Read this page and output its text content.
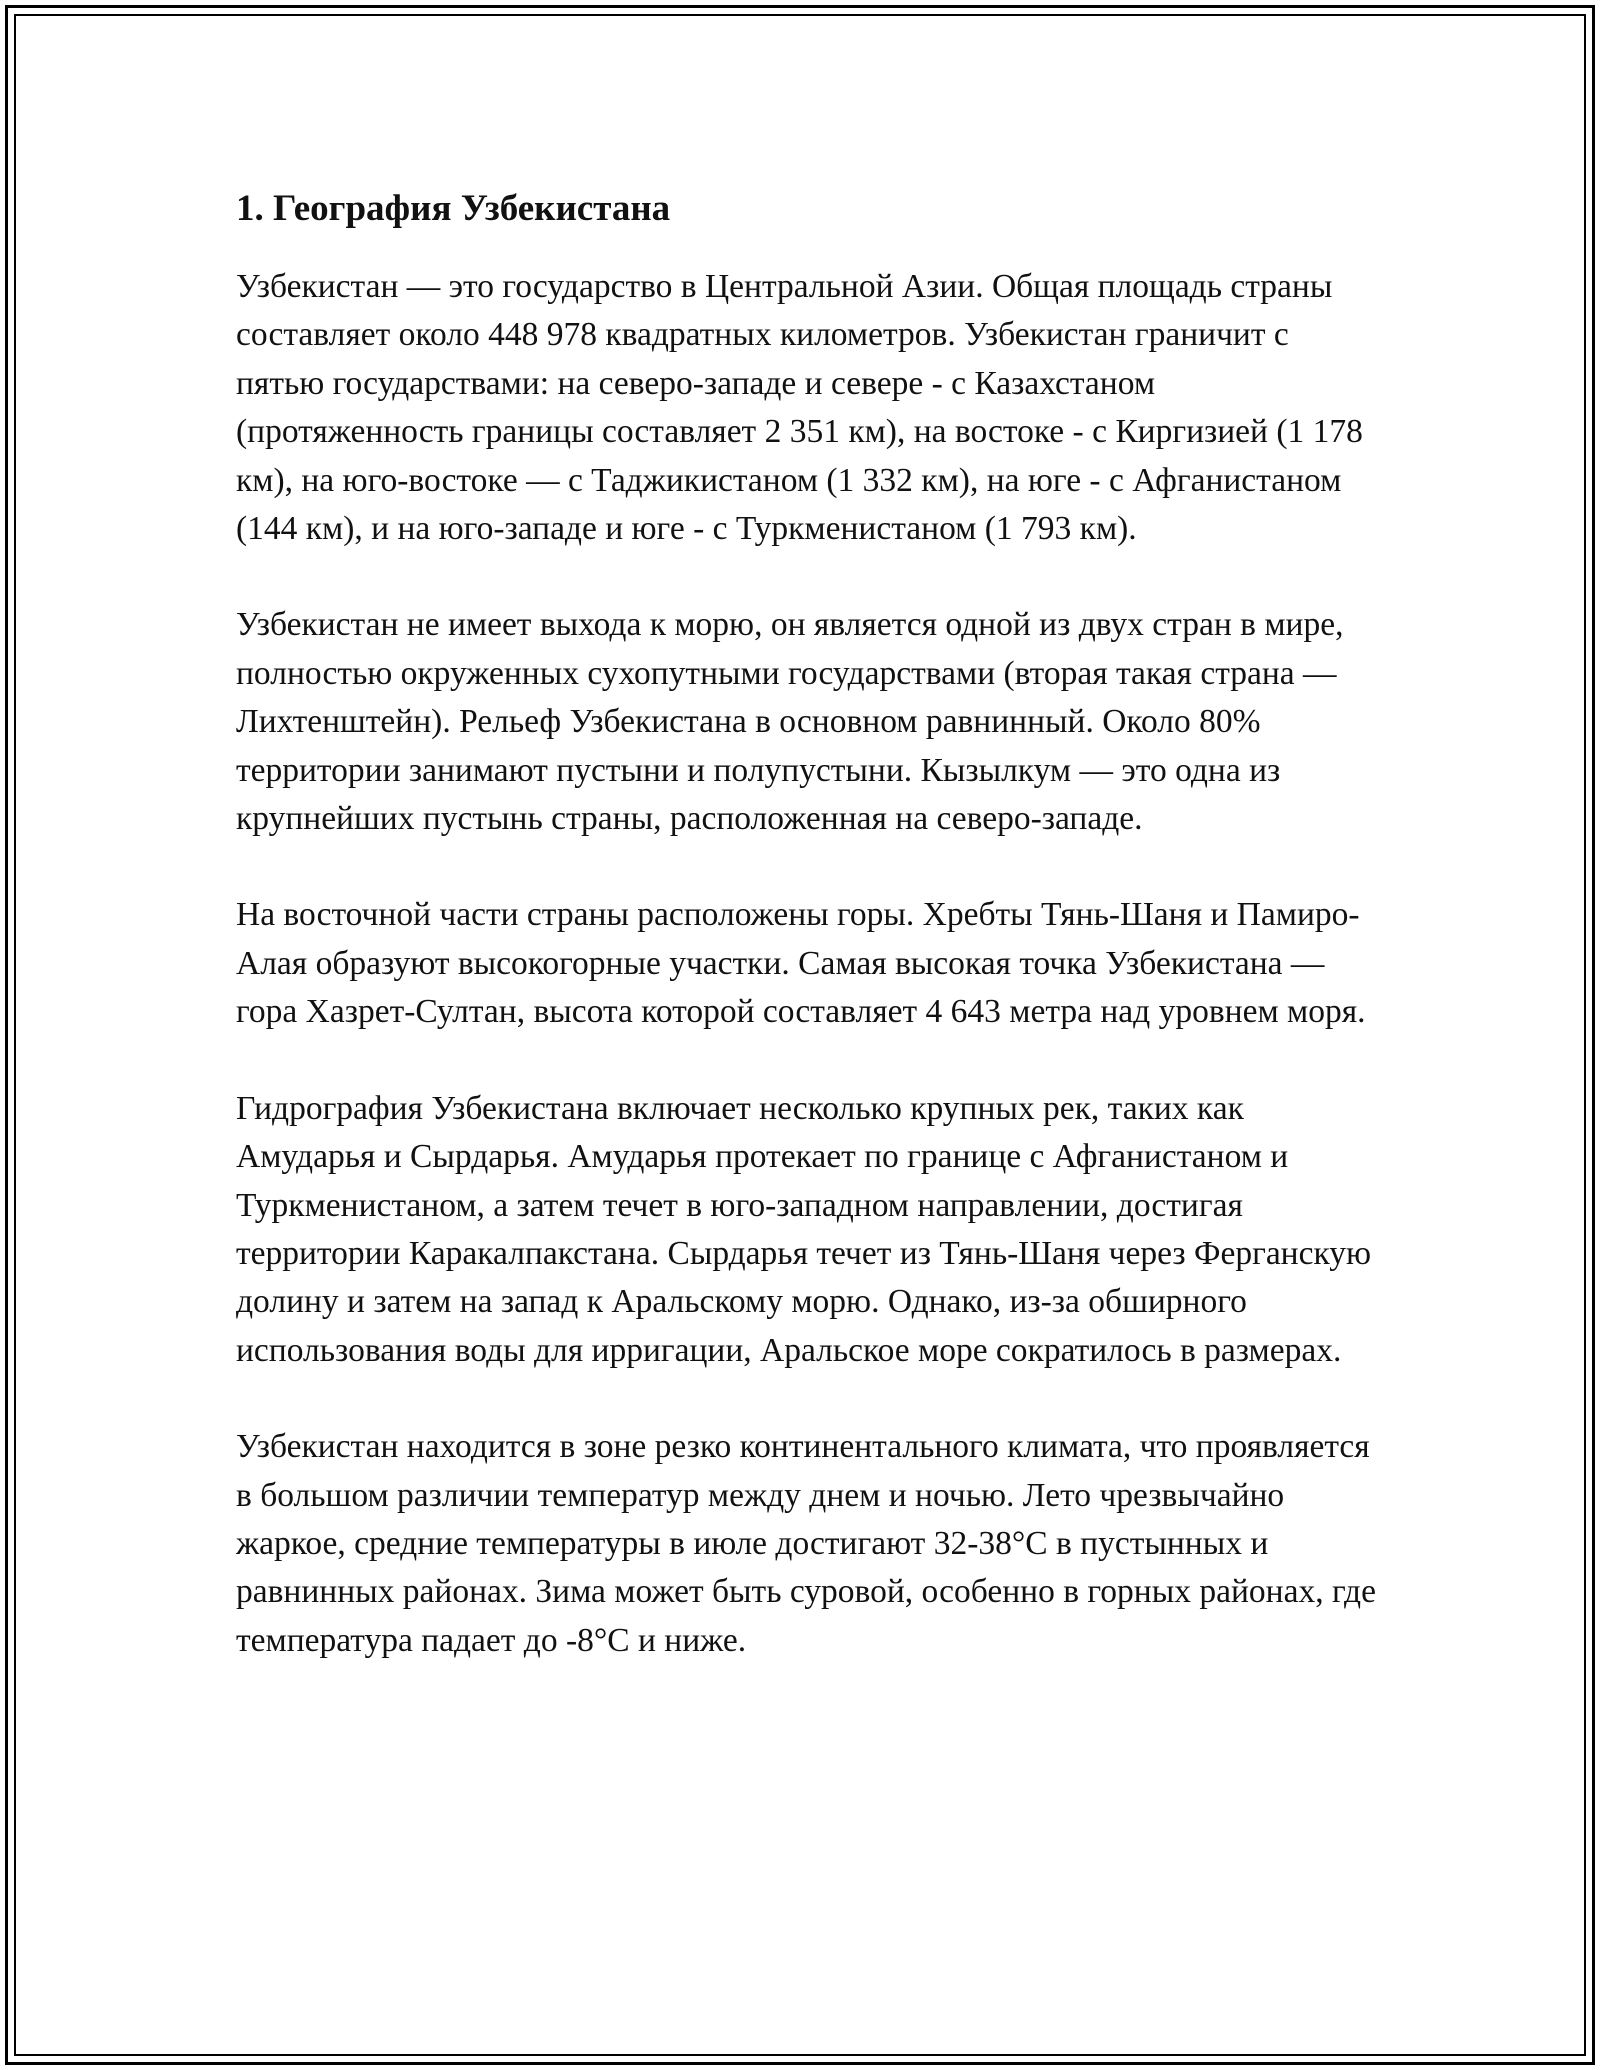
1. География Узбекистана

Узбекистан — это государство в Центральной Азии. Общая площадь страны составляет около 448 978 квадратных километров. Узбекистан граничит с пятью государствами: на северо-западе и севере - с Казахстаном (протяженность границы составляет 2 351 км), на востоке - с Киргизией (1 178 км), на юго-востоке — с Таджикистаном (1 332 км), на юге - с Афганистаном (144 км), и на юго-западе и юге - с Туркменистаном (1 793 км).

Узбекистан не имеет выхода к морю, он является одной из двух стран в мире, полностью окруженных сухопутными государствами (вторая такая страна — Лихтенштейн). Рельеф Узбекистана в основном равнинный. Около 80% территории занимают пустыни и полупустыни. Кызылкум — это одна из крупнейших пустынь страны, расположенная на северо-западе.

На восточной части страны расположены горы. Хребты Тянь-Шаня и Памиро-Алая образуют высокогорные участки. Самая высокая точка Узбекистана — гора Хазрет-Султан, высота которой составляет 4 643 метра над уровнем моря.

Гидрография Узбекистана включает несколько крупных рек, таких как Амударья и Сырдарья. Амударья протекает по границе с Афганистаном и Туркменистаном, а затем течет в юго-западном направлении, достигая территории Каракалпакстана. Сырдарья течет из Тянь-Шаня через Ферганскую долину и затем на запад к Аральскому морю. Однако, из-за обширного использования воды для ирригации, Аральское море сократилось в размерах.

Узбекистан находится в зоне резко континентального климата, что проявляется в большом различии температур между днем и ночью. Лето чрезвычайно жаркое, средние температуры в июле достигают 32-38°C в пустынных и равнинных районах. Зима может быть суровой, особенно в горных районах, где температура падает до -8°C и ниже.
